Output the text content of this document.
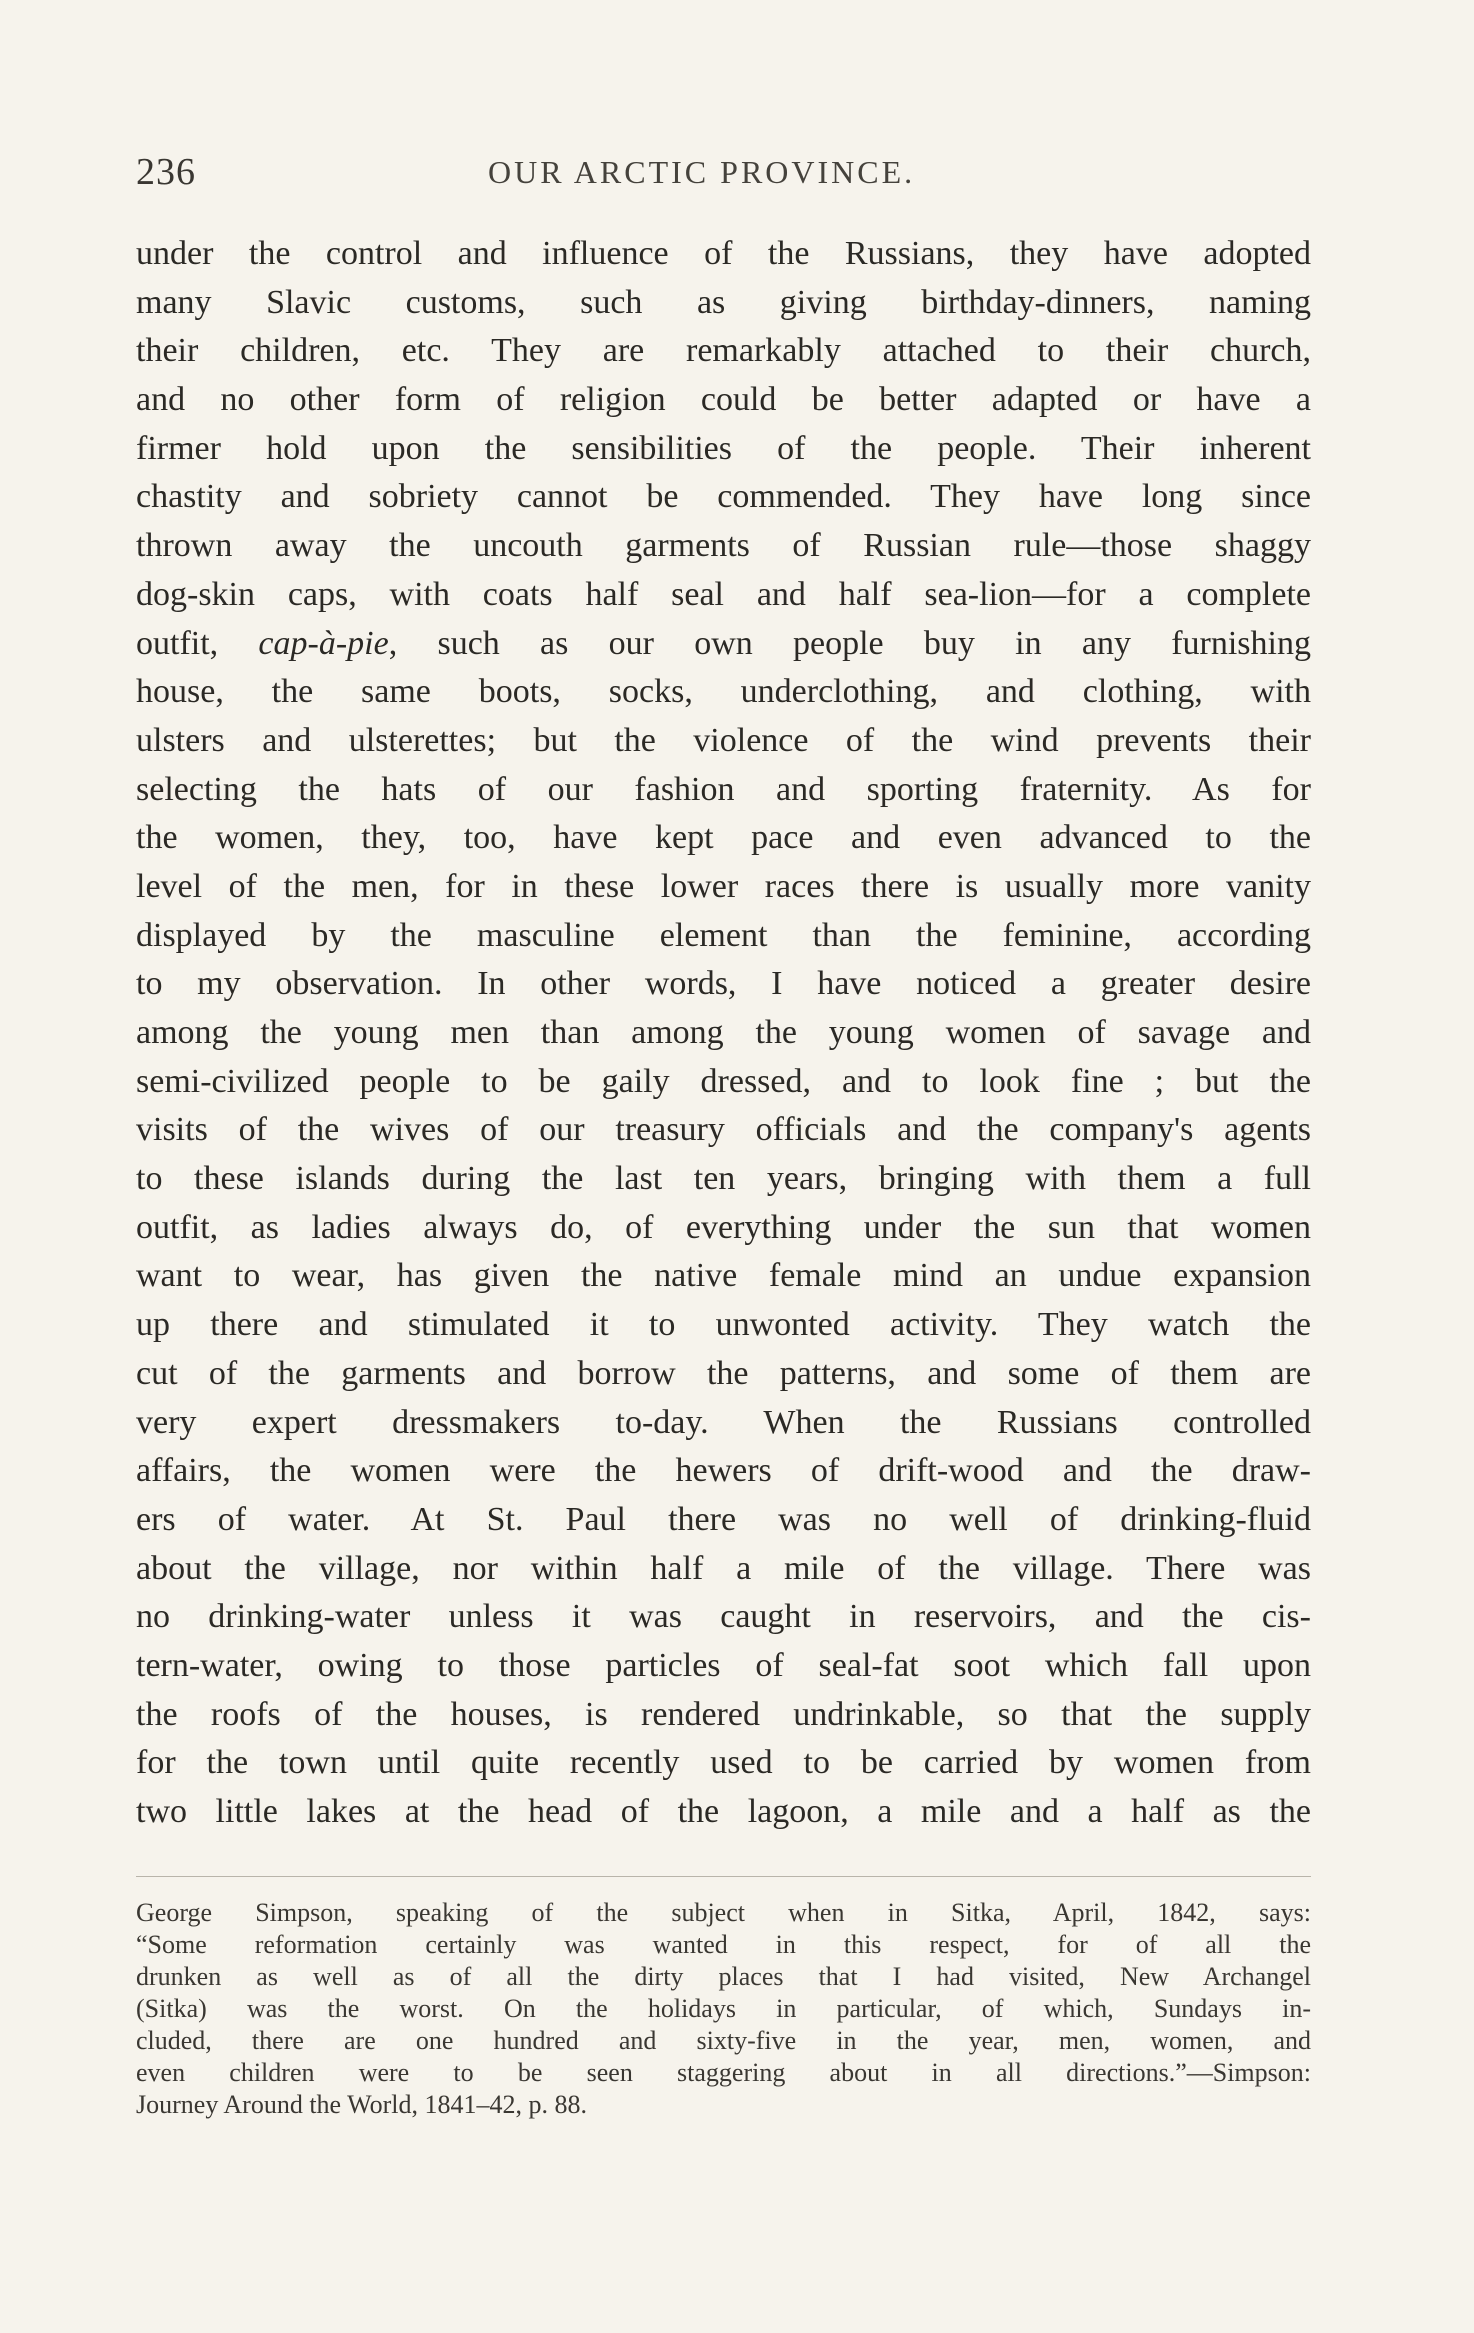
236	OUR ARCTIC PROVINCE.
under the control and influence of the Russians, they have adopted
many Slavic customs, such as giving birthday-dinners, naming
their children, etc. They are remarkably attached to their church,
and no other form of religion could be better adapted or have a
firmer hold upon the sensibilities of the people. Their inherent
chastity and sobriety cannot be commended. They have long since
thrown away the uncouth garments of Russian rule—those shaggy
dog-skin caps, with coats half seal and half sea-lion—for a complete
outfit, cap-à-pie, such as our own people buy in any furnishing
house, the same boots, socks, underclothing, and clothing, with
ulsters and ulsterettes; but the violence of the wind prevents their
selecting the hats of our fashion and sporting fraternity. As for
the women, they, too, have kept pace and even advanced to the
level of the men, for in these lower races there is usually more vanity
displayed by the masculine element than the feminine, according
to my observation. In other words, I have noticed a greater desire
among the young men than among the young women of savage and
semi-civilized people to be gaily dressed, and to look fine ; but the
visits of the wives of our treasury officials and the company's agents
to these islands during the last ten years, bringing with them a full
outfit, as ladies always do, of everything under the sun that women
want to wear, has given the native female mind an undue expansion
up there and stimulated it to unwonted activity. They watch the
cut of the garments and borrow the patterns, and some of them are
very expert dressmakers to-day. When the Russians controlled
affairs, the women were the hewers of drift-wood and the draw-
ers of water. At St. Paul there was no well of drinking-fluid
about the village, nor within half a mile of the village. There was
no drinking-water unless it was caught in reservoirs, and the cis-
tern-water, owing to those particles of seal-fat soot which fall upon
the roofs of the houses, is rendered undrinkable, so that the supply
for the town until quite recently used to be carried by women from
two little lakes at the head of the lagoon, a mile and a half as the
George Simpson, speaking of the subject when in Sitka, April, 1842, says:
“Some reformation certainly was wanted in this respect, for of all the
drunken as well as of all the dirty places that I had visited, New Archangel
(Sitka) was the worst. On the holidays in particular, of which, Sundays in-
cluded, there are one hundred and sixty-five in the year, men, women, and
even children were to be seen staggering about in all directions.”—Simpson:
Journey Around the World, 1841–42, p. 88.
